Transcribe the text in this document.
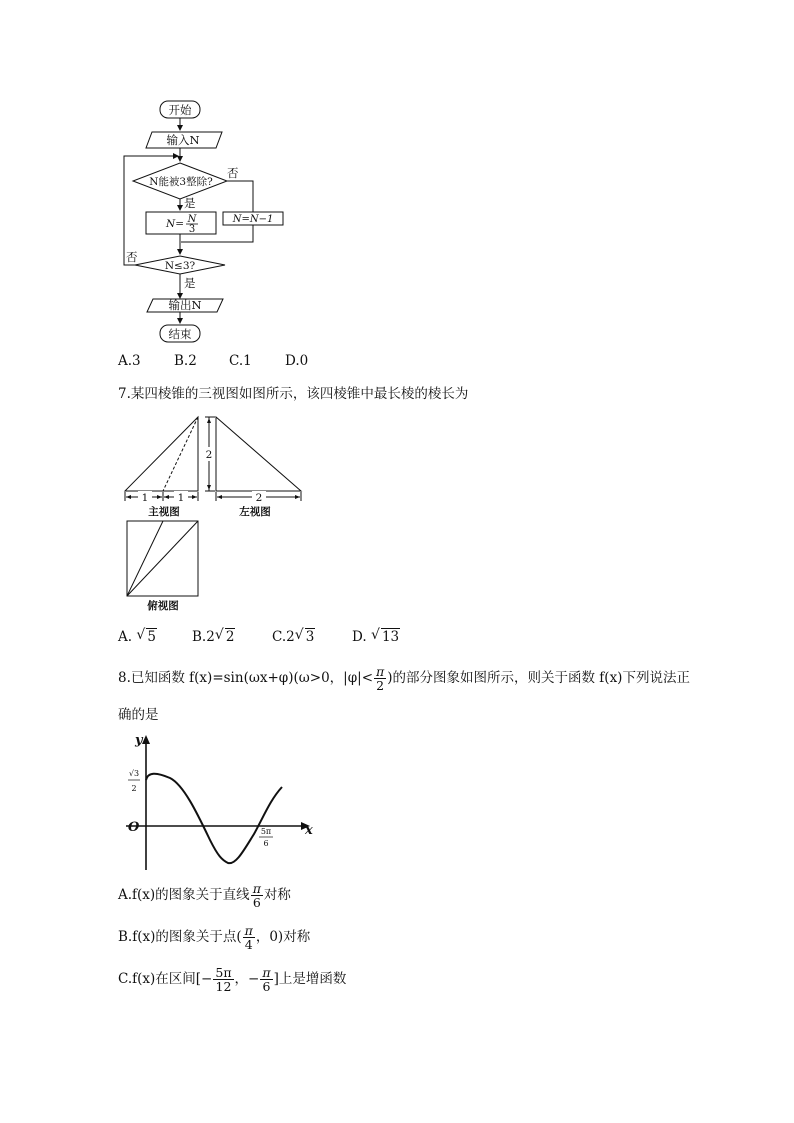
开始
输入N
N能被3整除?
否
是
N= N
3
N=N−1
否
N≤3?
是
输出N
结束
A.3 B.2 C.1 D.0
7.某四棱锥的三视图如图所示，该四棱锥中最长棱的棱长为
1	1
2
2
主视图	左视图
俯视图
A. √ 5	B.2 √ 2	C.2 √ 3	D. √ 13
8.已知函数 f(x)=sin(ωx+φ)(ω>0，$|\varphi|< \frac{\pi}{2}$ )的部分图象如图所示，则关于函数 f(x)下列说法正
确的是
y
x
O
√3
2
5π
6
A.f(x)的图象关于直线 $\frac{\pi}{6}$ 对称
B.f(x)的图象关于点( $\frac{\pi}{4}$ ，0)对称
C.f(x)在区间[− $\frac{5\pi}{12}$ ，− $\frac{\pi}{6}$ ]上是增函数
